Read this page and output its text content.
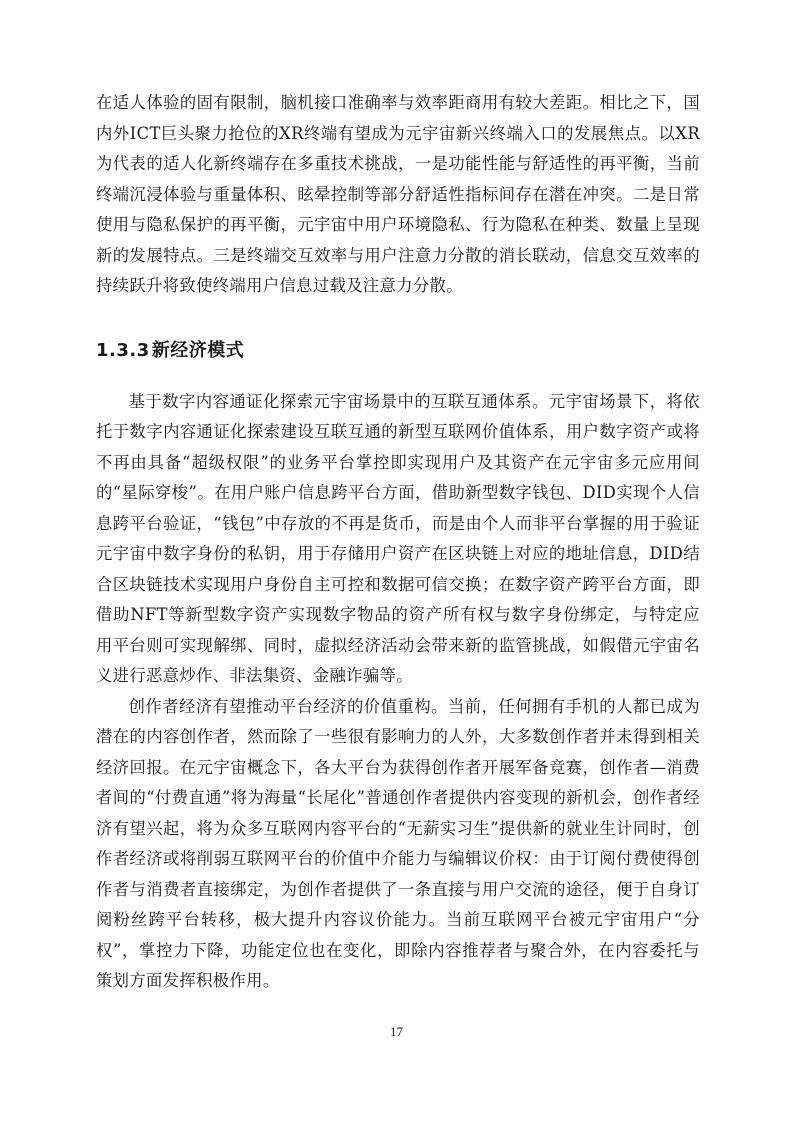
在适人体验的固有限制，脑机接口准确率与效率距商用有较大差距。相比之下，国内外ICT巨头聚力抢位的XR终端有望成为元宇宙新兴终端入口的发展焦点。以XR为代表的适人化新终端存在多重技术挑战，一是功能性能与舒适性的再平衡，当前终端沉浸体验与重量体积、眩晕控制等部分舒适性指标间存在潜在冲突。二是日常使用与隐私保护的再平衡，元宇宙中用户环境隐私、行为隐私在种类、数量上呈现新的发展特点。三是终端交互效率与用户注意力分散的消长联动，信息交互效率的持续跃升将致使终端用户信息过载及注意力分散。

1.3.3 新经济模式

基于数字内容通证化探索元宇宙场景中的互联互通体系。元宇宙场景下，将依托于数字内容通证化探索建设互联互通的新型互联网价值体系，用户数字资产或将不再由具备“超级权限”的业务平台掌控即实现用户及其资产在元宇宙多元应用间的“星际穿梭”。在用户账户信息跨平台方面，借助新型数字钱包、DID实现个人信息跨平台验证，“钱包”中存放的不再是货币，而是由个人而非平台掌握的用于验证元宇宙中数字身份的私钥，用于存储用户资产在区块链上对应的地址信息，DID结合区块链技术实现用户身份自主可控和数据可信交换；在数字资产跨平台方面，即借助NFT等新型数字资产实现数字物品的资产所有权与数字身份绑定，与特定应用平台则可实现解绑、同时，虚拟经济活动会带来新的监管挑战，如假借元宇宙名义进行恶意炒作、非法集资、金融诈骗等。

创作者经济有望推动平台经济的价值重构。当前，任何拥有手机的人都已成为潜在的内容创作者，然而除了一些很有影响力的人外，大多数创作者并未得到相关经济回报。在元宇宙概念下，各大平台为获得创作者开展军备竞赛，创作者—消费者间的“付费直通”将为海量“长尾化”普通创作者提供内容变现的新机会，创作者经济有望兴起，将为众多互联网内容平台的“无薪实习生”提供新的就业生计同时，创作者经济或将削弱互联网平台的价值中介能力与编辑议价权：由于订阅付费使得创作者与消费者直接绑定，为创作者提供了一条直接与用户交流的途径，便于自身订阅粉丝跨平台转移，极大提升内容议价能力。当前互联网平台被元宇宙用户“分权”，掌控力下降，功能定位也在变化，即除内容推荐者与聚合外，在内容委托与策划方面发挥积极作用。

17
